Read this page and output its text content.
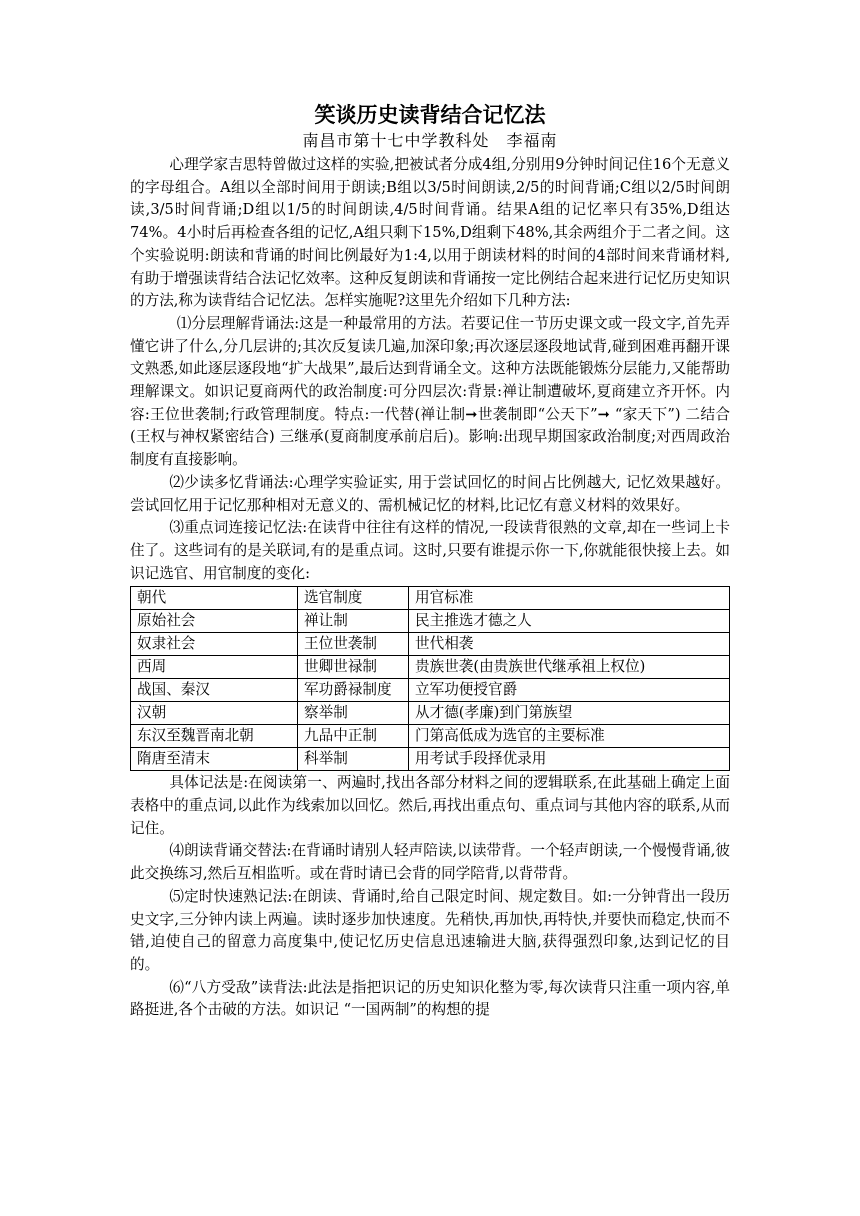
笑谈历史读背结合记忆法
南昌市第十七中学教科处　李福南

心理学家吉思特曾做过这样的实验,把被试者分成4组,分别用9分钟时间记住16个无意义的字母组合。A组以全部时间用于朗读;B组以3/5时间朗读,2/5的时间背诵;C组以2/5时间朗读,3/5时间背诵;D组以1/5的时间朗读,4/5时间背诵。结果A组的记忆率只有35%,D组达74%。4小时后再检查各组的记忆,A组只剩下15%,D组剩下48%,其余两组介于二者之间。这个实验说明:朗读和背诵的时间比例最好为1:4,以用于朗读材料的时间的4部时间来背诵材料,有助于增强读背结合法记忆效率。这种反复朗读和背诵按一定比例结合起来进行记忆历史知识的方法,称为读背结合记忆法。怎样实施呢?这里先介绍如下几种方法:

⑴分层理解背诵法:这是一种最常用的方法。若要记住一节历史课文或一段文字,首先弄懂它讲了什么,分几层讲的;其次反复读几遍,加深印象;再次逐层逐段地试背,碰到困难再翻开课文熟悉,如此逐层逐段地“扩大战果”,最后达到背诵全文。这种方法既能锻炼分层能力,又能帮助理解课文。如识记夏商两代的政治制度:可分四层次:背景:禅让制遭破坏,夏商建立齐开怀。内容:王位世袭制;行政管理制度。特点:一代替(禅让制➞世袭制即“公天下”➞ “家天下”) 二结合(王权与神权紧密结合) 三继承(夏商制度承前启后)。影响:出现早期国家政治制度;对西周政治制度有直接影响。

⑵少读多忆背诵法:心理学实验证实, 用于尝试回忆的时间占比例越大, 记忆效果越好。尝试回忆用于记忆那种相对无意义的、需机械记忆的材料,比记忆有意义材料的效果好。

⑶重点词连接记忆法:在读背中往往有这样的情况,一段读背很熟的文章,却在一些词上卡住了。这些词有的是关联词,有的是重点词。这时,只要有谁提示你一下,你就能很快接上去。如识记选官、用官制度的变化:

朝代	选官制度	用官标准
原始社会	禅让制	民主推选才德之人
奴隶社会	王位世袭制	世代相袭
西周	世卿世禄制	贵族世袭(由贵族世代继承祖上权位)
战国、秦汉	军功爵禄制度	立军功便授官爵
汉朝	察举制	从才德(孝廉)到门第族望
东汉至魏晋南北朝	九品中正制	门第高低成为选官的主要标准
隋唐至清末	科举制	用考试手段择优录用

具体记法是:在阅读第一、两遍时,找出各部分材料之间的逻辑联系,在此基础上确定上面表格中的重点词,以此作为线索加以回忆。然后,再找出重点句、重点词与其他内容的联系,从而记住。

⑷朗读背诵交替法:在背诵时请别人轻声陪读,以读带背。一个轻声朗读,一个慢慢背诵,彼此交换练习,然后互相监听。或在背时请已会背的同学陪背,以背带背。

⑸定时快速熟记法:在朗读、背诵时,给自己限定时间、规定数目。如:一分钟背出一段历史文字,三分钟内读上两遍。读时逐步加快速度。先稍快,再加快,再特快,并要快而稳定,快而不错,迫使自己的留意力高度集中,使记忆历史信息迅速输进大脑,获得强烈印象,达到记忆的目的。

⑹“八方受敌”读背法:此法是指把识记的历史知识化整为零,每次读背只注重一项内容,单路挺进,各个击破的方法。如识记 “一国两制”的构想的提
